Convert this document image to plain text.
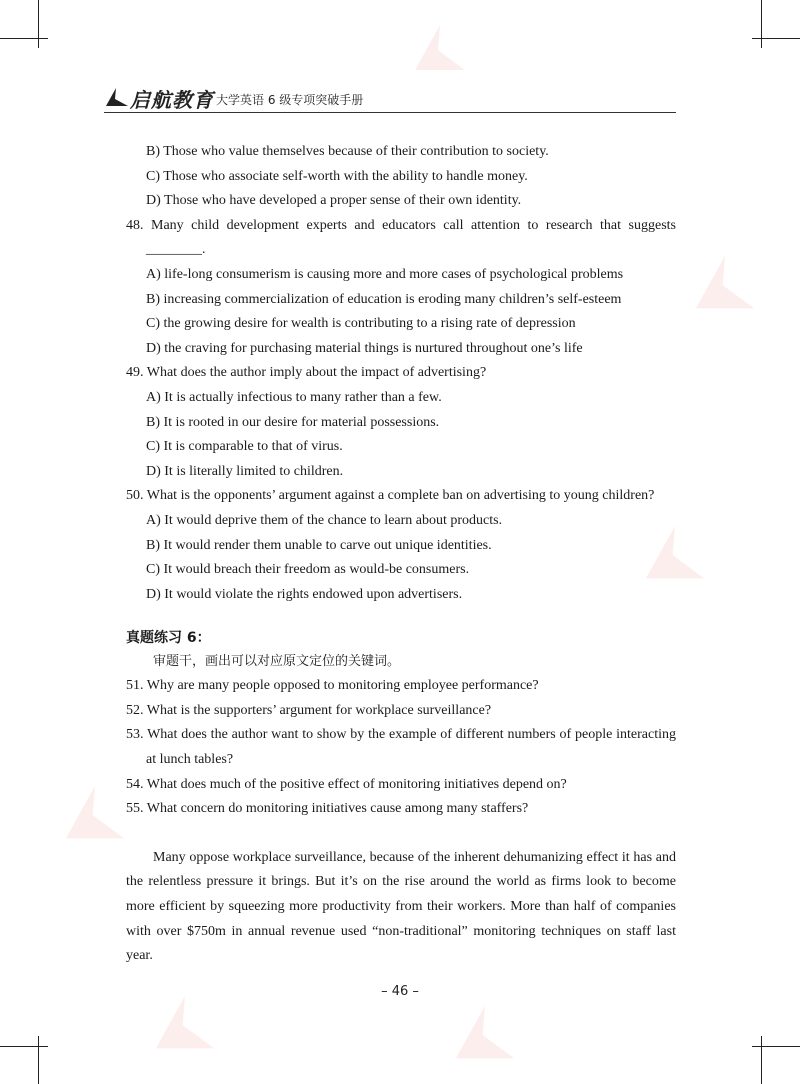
启航教育 大学英语 6 级专项突破手册
B) Those who value themselves because of their contribution to society.
C) Those who associate self-worth with the ability to handle money.
D) Those who have developed a proper sense of their own identity.
48. Many child development experts and educators call attention to research that suggests
________.
A) life-long consumerism is causing more and more cases of psychological problems
B) increasing commercialization of education is eroding many children’s self-esteem
C) the growing desire for wealth is contributing to a rising rate of depression
D) the craving for purchasing material things is nurtured throughout one’s life
49. What does the author imply about the impact of advertising?
A) It is actually infectious to many rather than a few.
B) It is rooted in our desire for material possessions.
C) It is comparable to that of virus.
D) It is literally limited to children.
50. What is the opponents’ argument against a complete ban on advertising to young children?
A) It would deprive them of the chance to learn about products.
B) It would render them unable to carve out unique identities.
C) It would breach their freedom as would-be consumers.
D) It would violate the rights endowed upon advertisers.
真题练习 6：
审题干，画出可以对应原文定位的关键词。
51. Why are many people opposed to monitoring employee performance?
52. What is the supporters’ argument for workplace surveillance?
53. What does the author want to show by the example of different numbers of people interacting
at lunch tables?
54. What does much of the positive effect of monitoring initiatives depend on?
55. What concern do monitoring initiatives cause among many staffers?
Many oppose workplace surveillance, because of the inherent dehumanizing effect it has and the relentless pressure it brings. But it’s on the rise around the world as firms look to become more efficient by squeezing more productivity from their workers. More than half of companies with over $750m in annual revenue used “non-traditional” monitoring techniques on staff last year.
– 46 –
